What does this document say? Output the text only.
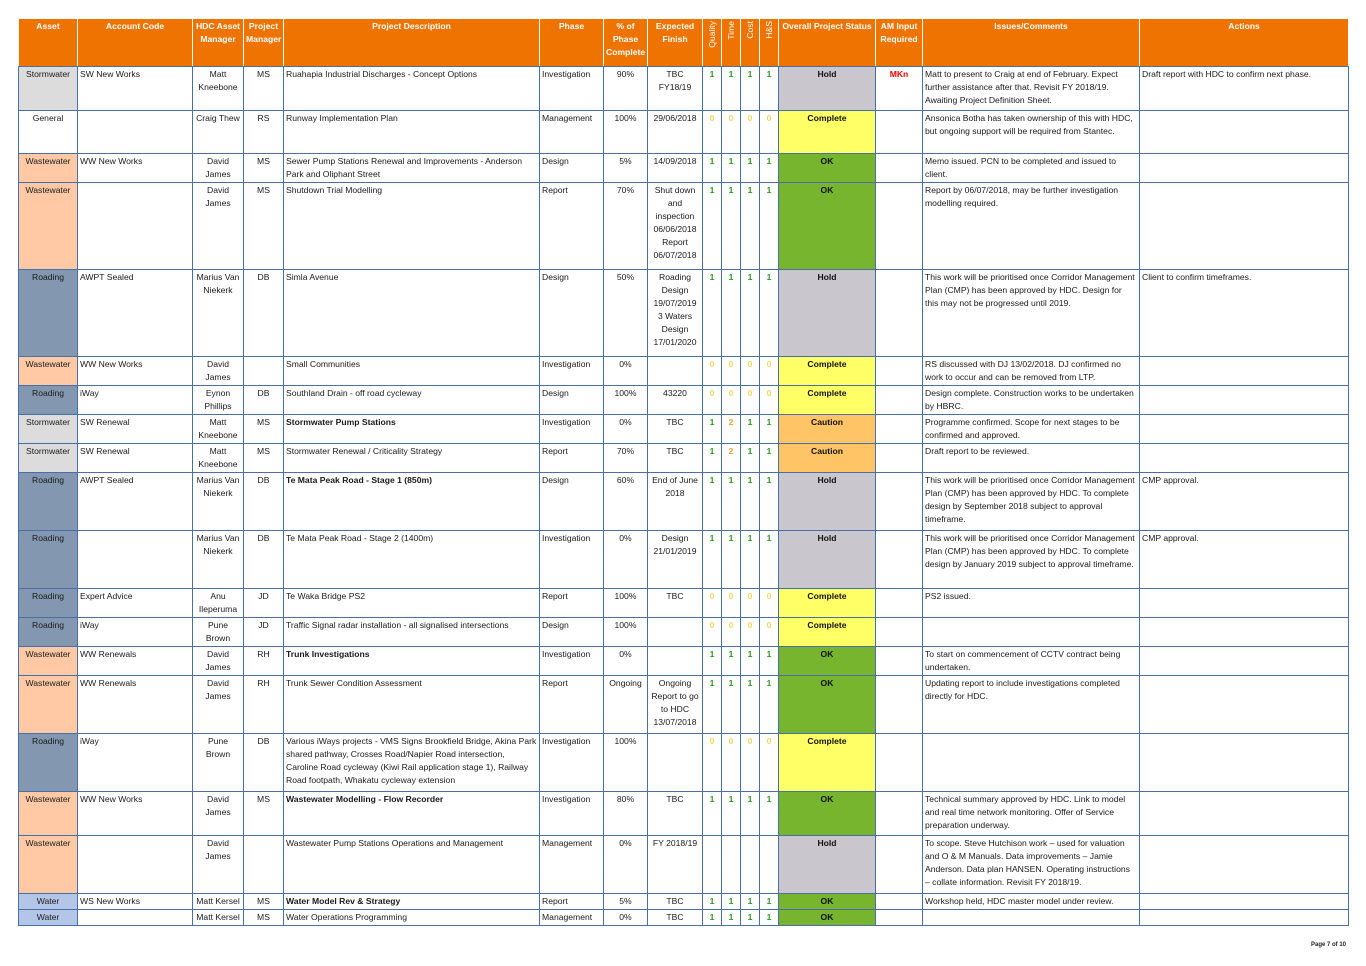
Asset	Account Code	HDC Asset Manager	Project Manager	Project Description	Phase	% of Phase Complete	Expected Finish	Quality	Time	Cost	H&S	Overall Project Status	AM Input Required	Issues/Comments	Actions
Stormwater	SW New Works	Matt Kneebone	MS	Ruahapia Industrial Discharges - Concept Options	Investigation	90%	TBC FY18/19	1	1	1	1	Hold	MKn	Matt to present to Craig at end of February. Expect further assistance after that. Revisit FY 2018/19. Awaiting Project Definition Sheet.	Draft report with HDC to confirm next phase.
General		Craig Thew	RS	Runway Implementation Plan	Management	100%	29/06/2018	0	0	0	0	Complete		Ansonica Botha has taken ownership of this with HDC, but ongoing support will be required from Stantec.	
Wastewater	WW New Works	David James	MS	Sewer Pump Stations Renewal and Improvements - Anderson Park and Oliphant Street	Design	5%	14/09/2018	1	1	1	1	OK		Memo issued. PCN to be completed and issued to client.	
Wastewater		David James	MS	Shutdown Trial Modelling	Report	70%	Shut down and inspection 06/06/2018 Report 06/07/2018	1	1	1	1	OK		Report by 06/07/2018, may be further investigation modelling required.	
Roading	AWPT Sealed	Marius Van Niekerk	DB	Simla Avenue	Design	50%	Roading Design 19/07/2019 3 Waters Design 17/01/2020	1	1	1	1	Hold		This work will be prioritised once Corridor Management Plan (CMP) has been approved by HDC. Design for this may not be progressed until 2019.	Client to confirm timeframes.
Wastewater	WW New Works	David James		Small Communities	Investigation	0%		0	0	0	0	Complete		RS discussed with DJ 13/02/2018. DJ confirmed no work to occur and can be removed from LTP.	
Roading	iWay	Eynon Phillips	DB	Southland Drain - off road cycleway	Design	100%	43220	0	0	0	0	Complete		Design complete. Construction works to be undertaken by HBRC.	
Stormwater	SW Renewal	Matt Kneebone	MS	Stormwater Pump Stations	Investigation	0%	TBC	1	2	1	1	Caution		Programme confirmed. Scope for next stages to be confirmed and approved.	
Stormwater	SW Renewal	Matt Kneebone	MS	Stormwater Renewal / Criticality Strategy	Report	70%	TBC	1	2	1	1	Caution		Draft report to be reviewed.	
Roading	AWPT Sealed	Marius Van Niekerk	DB	Te Mata Peak Road - Stage 1 (850m)	Design	60%	End of June 2018	1	1	1	1	Hold		This work will be prioritised once Corridor Management Plan (CMP) has been approved by HDC. To complete design by September 2018 subject to approval timeframe.	CMP approval.
Roading		Marius Van Niekerk	DB	Te Mata Peak Road - Stage 2 (1400m)	Investigation	0%	Design 21/01/2019	1	1	1	1	Hold		This work will be prioritised once Corridor Management Plan (CMP) has been approved by HDC. To complete design by January 2019 subject to approval timeframe.	CMP approval.
Roading	Expert Advice	Anu Ileperuma	JD	Te Waka Bridge PS2	Report	100%	TBC	0	0	0	0	Complete		PS2 issued.	
Roading	iWay	Pune Brown	JD	Traffic Signal radar installation - all signalised intersections	Design	100%		0	0	0	0	Complete			
Wastewater	WW Renewals	David James	RH	Trunk Investigations	Investigation	0%		1	1	1	1	OK		To start on commencement of CCTV contract being undertaken.	
Wastewater	WW Renewals	David James	RH	Trunk Sewer Condition Assessment	Report	Ongoing	Ongoing Report to go to HDC 13/07/2018	1	1	1	1	OK		Updating report to include investigations completed directly for HDC.	
Roading	iWay	Pune Brown	DB	Various iWays projects - VMS Signs Brookfield Bridge, Akina Park shared pathway, Crosses Road/Napier Road intersection, Caroline Road cycleway (Kiwi Rail application stage 1), Railway Road footpath, Whakatu cycleway extension	Investigation	100%		0	0	0	0	Complete			
Wastewater	WW New Works	David James	MS	Wastewater Modelling - Flow Recorder	Investigation	80%	TBC	1	1	1	1	OK		Technical summary approved by HDC. Link to model and real time network monitoring. Offer of Service preparation underway.	
Wastewater		David James		Wastewater Pump Stations Operations and Management	Management	0%	FY 2018/19					Hold		To scope. Steve Hutchison work – used for valuation and O & M Manuals. Data improvements – Jamie Anderson. Data plan HANSEN. Operating instructions – collate information. Revisit FY 2018/19.	
Water	WS New Works	Matt Kersel	MS	Water Model Rev & Strategy	Report	5%	TBC	1	1	1	1	OK		Workshop held, HDC master model under review.	
Water		Matt Kersel	MS	Water Operations Programming	Management	0%	TBC	1	1	1	1	OK			
Page 7 of 10
